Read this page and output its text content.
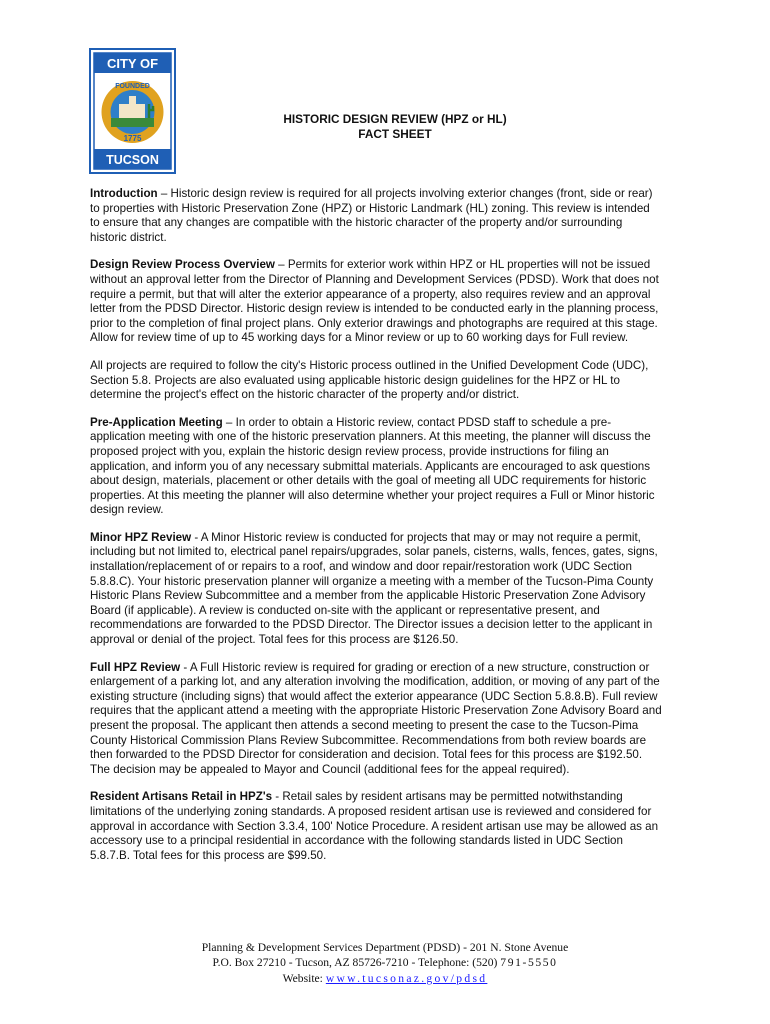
CITY OF
FOUNDED
1775
TUCSON
HISTORIC DESIGN REVIEW (HPZ or HL)
FACT SHEET

Introduction – Historic design review is required for all projects involving exterior changes (front, side or rear) to properties with Historic Preservation Zone (HPZ) or Historic Landmark (HL) zoning. This review is intended to ensure that any changes are compatible with the historic character of the property and/or surrounding historic district.

Design Review Process Overview – Permits for exterior work within HPZ or HL properties will not be issued without an approval letter from the Director of Planning and Development Services (PDSD). Work that does not require a permit, but that will alter the exterior appearance of a property, also requires review and an approval letter from the PDSD Director. Historic design review is intended to be conducted early in the planning process, prior to the completion of final project plans. Only exterior drawings and photographs are required at this stage. Allow for review time of up to 45 working days for a Minor review or up to 60 working days for Full review.

All projects are required to follow the city's Historic process outlined in the Unified Development Code (UDC), Section 5.8. Projects are also evaluated using applicable historic design guidelines for the HPZ or HL to determine the project's effect on the historic character of the property and/or district.

Pre-Application Meeting – In order to obtain a Historic review, contact PDSD staff to schedule a pre-application meeting with one of the historic preservation planners. At this meeting, the planner will discuss the proposed project with you, explain the historic design review process, provide instructions for filing an application, and inform you of any necessary submittal materials. Applicants are encouraged to ask questions about design, materials, placement or other details with the goal of meeting all UDC requirements for historic properties. At this meeting the planner will also determine whether your project requires a Full or Minor historic design review.

Minor HPZ Review - A Minor Historic review is conducted for projects that may or may not require a permit, including but not limited to, electrical panel repairs/upgrades, solar panels, cisterns, walls, fences, gates, signs, installation/replacement of or repairs to a roof, and window and door repair/restoration work (UDC Section 5.8.8.C). Your historic preservation planner will organize a meeting with a member of the Tucson-Pima County Historic Plans Review Subcommittee and a member from the applicable Historic Preservation Zone Advisory Board (if applicable). A review is conducted on-site with the applicant or representative present, and recommendations are forwarded to the PDSD Director. The Director issues a decision letter to the applicant in approval or denial of the project. Total fees for this process are $126.50.

Full HPZ Review - A Full Historic review is required for grading or erection of a new structure, construction or enlargement of a parking lot, and any alteration involving the modification, addition, or moving of any part of the existing structure (including signs) that would affect the exterior appearance (UDC Section 5.8.8.B). Full review requires that the applicant attend a meeting with the appropriate Historic Preservation Zone Advisory Board and present the proposal. The applicant then attends a second meeting to present the case to the Tucson-Pima County Historical Commission Plans Review Subcommittee. Recommendations from both review boards are then forwarded to the PDSD Director for consideration and decision. Total fees for this process are $192.50. The decision may be appealed to Mayor and Council (additional fees for the appeal required).

Resident Artisans Retail in HPZ's - Retail sales by resident artisans may be permitted notwithstanding limitations of the underlying zoning standards. A proposed resident artisan use is reviewed and considered for approval in accordance with Section 3.3.4, 100' Notice Procedure. A resident artisan use may be allowed as an accessory use to a principal residential in accordance with the following standards listed in UDC Section 5.8.7.B. Total fees for this process are $99.50.

Planning & Development Services Department (PDSD) - 201 N. Stone Avenue
P.O. Box 27210 - Tucson, AZ 85726-7210 - Telephone: (520) 791-5550
Website: www.tucsonaz.gov/pdsd
